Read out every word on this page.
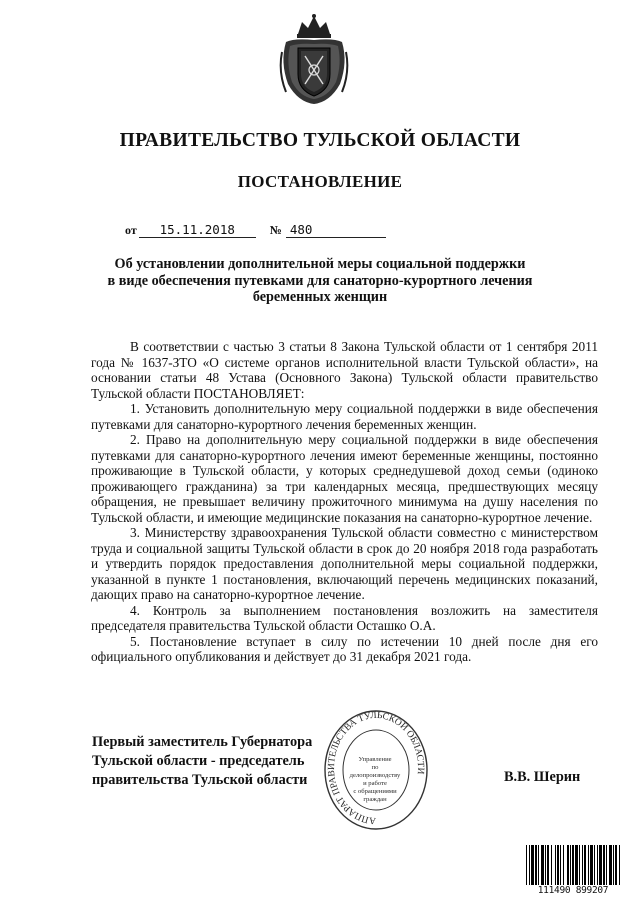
ПРАВИТЕЛЬСТВО ТУЛЬСКОЙ ОБЛАСТИ
ПОСТАНОВЛЕНИЕ
от 15.11.2018	№ 480
Об установлении дополнительной меры социальной поддержки
в виде обеспечения путевками для санаторно-курортного лечения
беременных женщин

В соответствии с частью 3 статьи 8 Закона Тульской области от 1 сентября 2011 года № 1637-ЗТО «О системе органов исполнительной власти Тульской области», на основании статьи 48 Устава (Основного Закона) Тульской области правительство Тульской области ПОСТАНОВЛЯЕТ:

1. Установить дополнительную меру социальной поддержки в виде обеспечения путевками для санаторно-курортного лечения беременных женщин.

2. Право на дополнительную меру социальной поддержки в виде обеспечения путевками для санаторно-курортного лечения имеют беременные женщины, постоянно проживающие в Тульской области, у которых среднедушевой доход семьи (одиноко проживающего гражданина) за три календарных месяца, предшествующих месяцу обращения, не превышает величину прожиточного минимума на душу населения по Тульской области, и имеющие медицинские показания на санаторно-курортное лечение.

3. Министерству здравоохранения Тульской области совместно с министерством труда и социальной защиты Тульской области в срок до 20 ноября 2018 года разработать и утвердить порядок предоставления дополнительной меры социальной поддержки, указанной в пункте 1 постановления, включающий перечень медицинских показаний, дающих право на санаторно-курортное лечение.

4. Контроль за выполнением постановления возложить на заместителя председателя правительства Тульской области Осташко О.А.

5. Постановление вступает в силу по истечении 10 дней после дня его официального опубликования и действует до 31 декабря 2021 года.

Первый заместитель Губернатора
Тульской области - председатель
правительства Тульской области	В.В. Шерин
АППАРАТ ПРАВИТЕЛЬСТВА ТУЛЬСКОЙ ОБЛАСТИ
Управление
по делопроизводству
и работе
с обращениями
граждан
111490 899207
